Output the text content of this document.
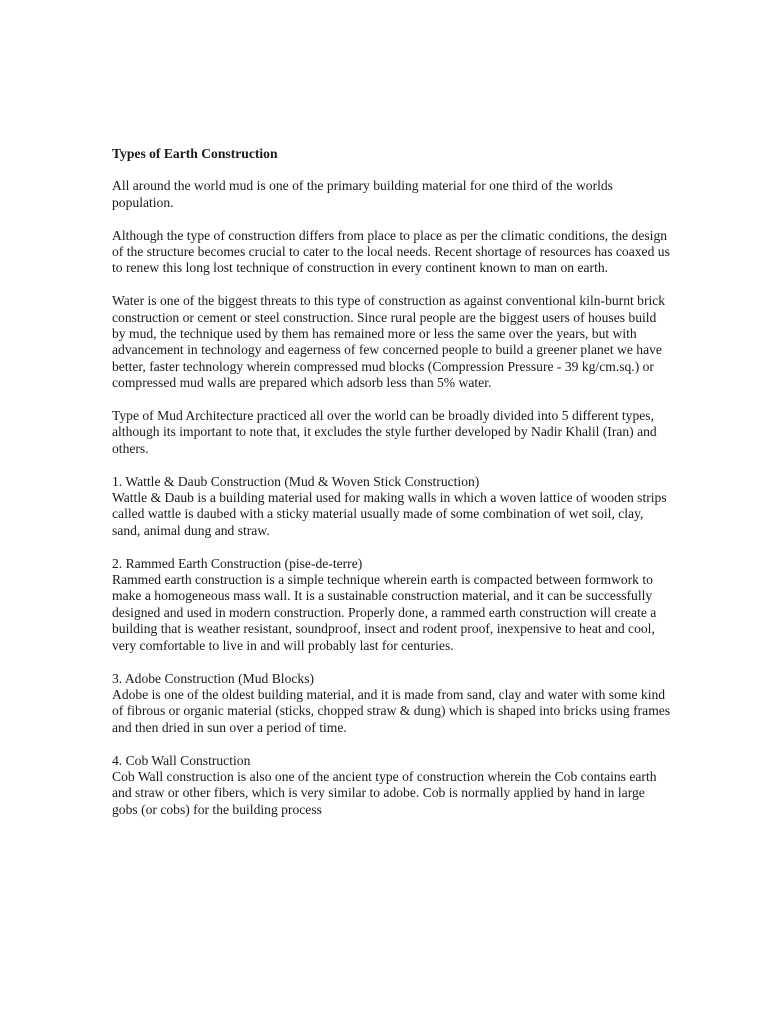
Types of Earth Construction

All around the world mud is one of the primary building material for one third of the worlds population.

Although the type of construction differs from place to place as per the climatic conditions, the design of the structure becomes crucial to cater to the local needs. Recent shortage of resources has coaxed us to renew this long lost technique of construction in every continent known to man on earth.

Water is one of the biggest threats to this type of construction as against conventional kiln-burnt brick construction or cement or steel construction. Since rural people are the biggest users of houses build by mud, the technique used by them has remained more or less the same over the years, but with advancement in technology and eagerness of few concerned people to build a greener planet we have better, faster technology wherein compressed mud blocks (Compression Pressure - 39 kg/cm.sq.) or compressed mud walls are prepared which adsorb less than 5% water.

Type of Mud Architecture practiced all over the world can be broadly divided into 5 different types, although its important to note that, it excludes the style further developed by Nadir Khalil (Iran) and others.

1. Wattle & Daub Construction (Mud & Woven Stick Construction)
Wattle & Daub is a building material used for making walls in which a woven lattice of wooden strips called wattle is daubed with a sticky material usually made of some combination of wet soil, clay, sand, animal dung and straw.

2. Rammed Earth Construction (pise-de-terre)
Rammed earth construction is a simple technique wherein earth is compacted between formwork to make a homogeneous mass wall. It is a sustainable construction material, and it can be successfully designed and used in modern construction. Properly done, a rammed earth construction will create a building that is weather resistant, soundproof, insect and rodent proof, inexpensive to heat and cool, very comfortable to live in and will probably last for centuries.

3. Adobe Construction (Mud Blocks)
Adobe is one of the oldest building material, and it is made from sand, clay and water with some kind of fibrous or organic material (sticks, chopped straw & dung) which is shaped into bricks using frames and then dried in sun over a period of time.

4. Cob Wall Construction
Cob Wall construction is also one of the ancient type of construction wherein the Cob contains earth and straw or other fibers, which is very similar to adobe. Cob is normally applied by hand in large gobs (or cobs) for the building process
